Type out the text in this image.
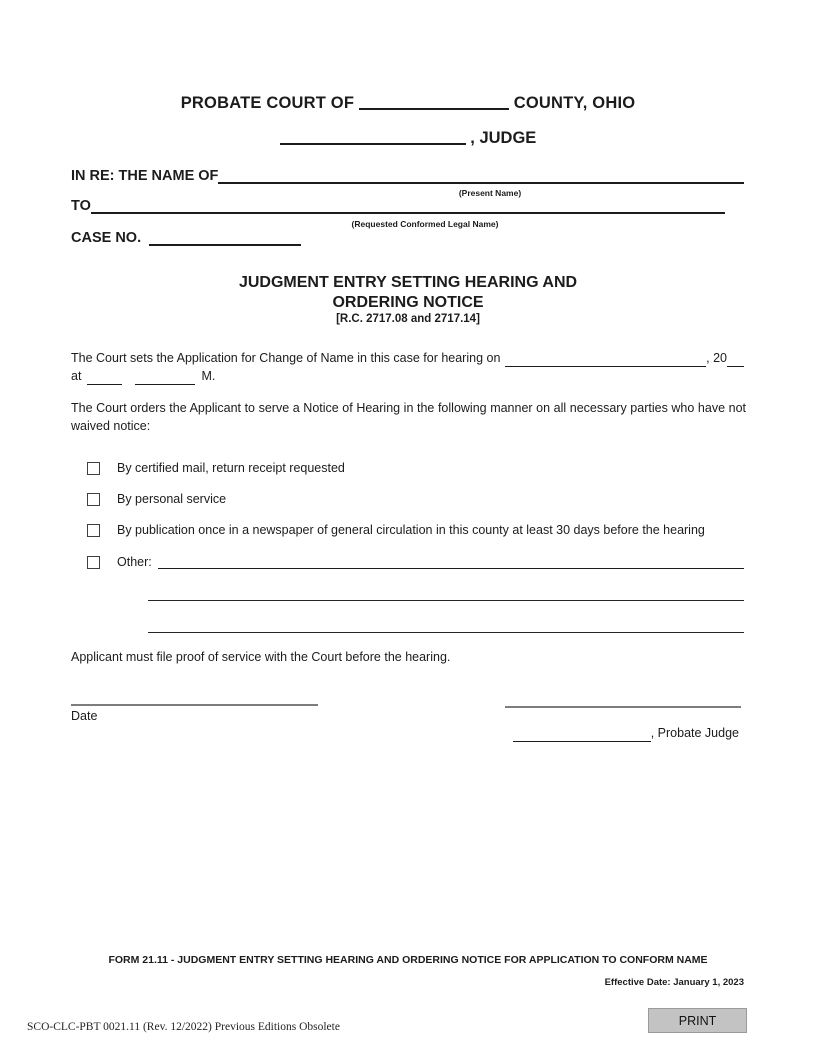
PROBATE COURT OF	COUNTY, OHIO
, JUDGE
IN RE: THE NAME OF
(Present Name)
TO
(Requested Conformed Legal Name)
CASE NO.
JUDGMENT ENTRY SETTING HEARING AND
ORDERING NOTICE
[R.C. 2717.08 and 2717.14]
The Court sets the Application for Change of Name in this case for hearing on	, 20
at	M.
The Court orders the Applicant to serve a Notice of Hearing in the following manner on all necessary parties who have not waived notice:
By certified mail, return receipt requested
By personal service
By publication once in a newspaper of general circulation in this county at least 30 days before the hearing
Other:
Applicant must file proof of service with the Court before the hearing.
Date
, Probate Judge
FORM 21.11 - JUDGMENT ENTRY SETTING HEARING AND ORDERING NOTICE FOR APPLICATION TO CONFORM NAME
Effective Date: January 1, 2023
SCO-CLC-PBT 0021.11 (Rev. 12/2022) Previous Editions Obsolete	PRINT
